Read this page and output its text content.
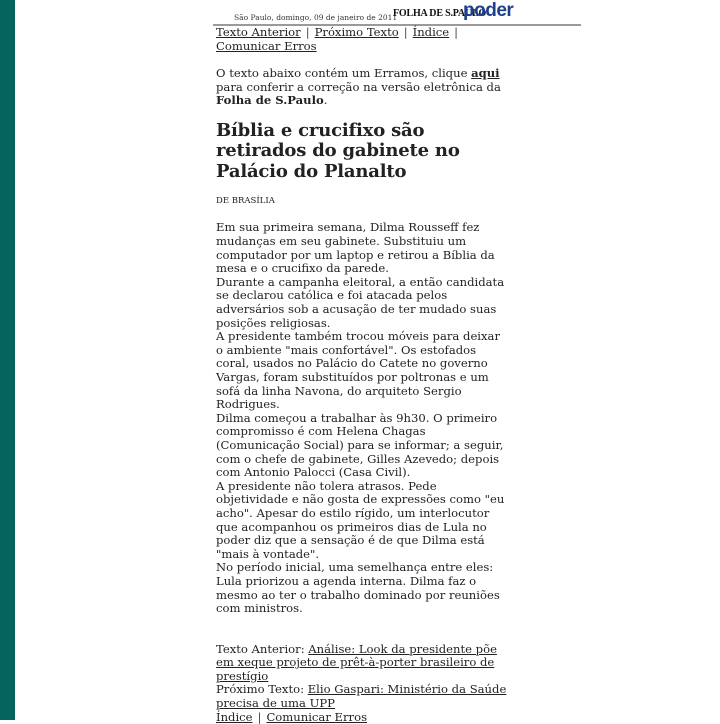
São Paulo, domingo, 09 de janeiro de 2011
FOLHA DE S.PAULO
poder
Texto Anterior | Próximo Texto | Índice |
Comunicar Erros
O texto abaixo contém um Erramos, clique aqui para conferir a correção na versão eletrônica da Folha de S.Paulo.
Bíblia e crucifixo são retirados do gabinete no Palácio do Planalto
DE BRASÍLIA

Em sua primeira semana, Dilma Rousseff fez mudanças em seu gabinete. Substituiu um computador por um laptop e retirou a Bíblia da mesa e o crucifixo da parede.

Durante a campanha eleitoral, a então candidata se declarou católica e foi atacada pelos adversários sob a acusação de ter mudado suas posições religiosas.

A presidente também trocou móveis para deixar o ambiente "mais confortável". Os estofados coral, usados no Palácio do Catete no governo Vargas, foram substituídos por poltronas e um sofá da linha Navona, do arquiteto Sergio Rodrigues.

Dilma começou a trabalhar às 9h30. O primeiro compromisso é com Helena Chagas (Comunicação Social) para se informar; a seguir, com o chefe de gabinete, Gilles Azevedo; depois com Antonio Palocci (Casa Civil).

A presidente não tolera atrasos. Pede objetividade e não gosta de expressões como "eu acho". Apesar do estilo rígido, um interlocutor que acompanhou os primeiros dias de Lula no poder diz que a sensação é de que Dilma está "mais à vontade".

No período inicial, uma semelhança entre eles: Lula priorizou a agenda interna. Dilma faz o mesmo ao ter o trabalho dominado por reuniões com ministros.

Texto Anterior: Análise: Look da presidente põe em xeque projeto de prêt-à-porter brasileiro de prestígio
Próximo Texto: Elio Gaspari: Ministério da Saúde precisa de uma UPP
Índice | Comunicar Erros
